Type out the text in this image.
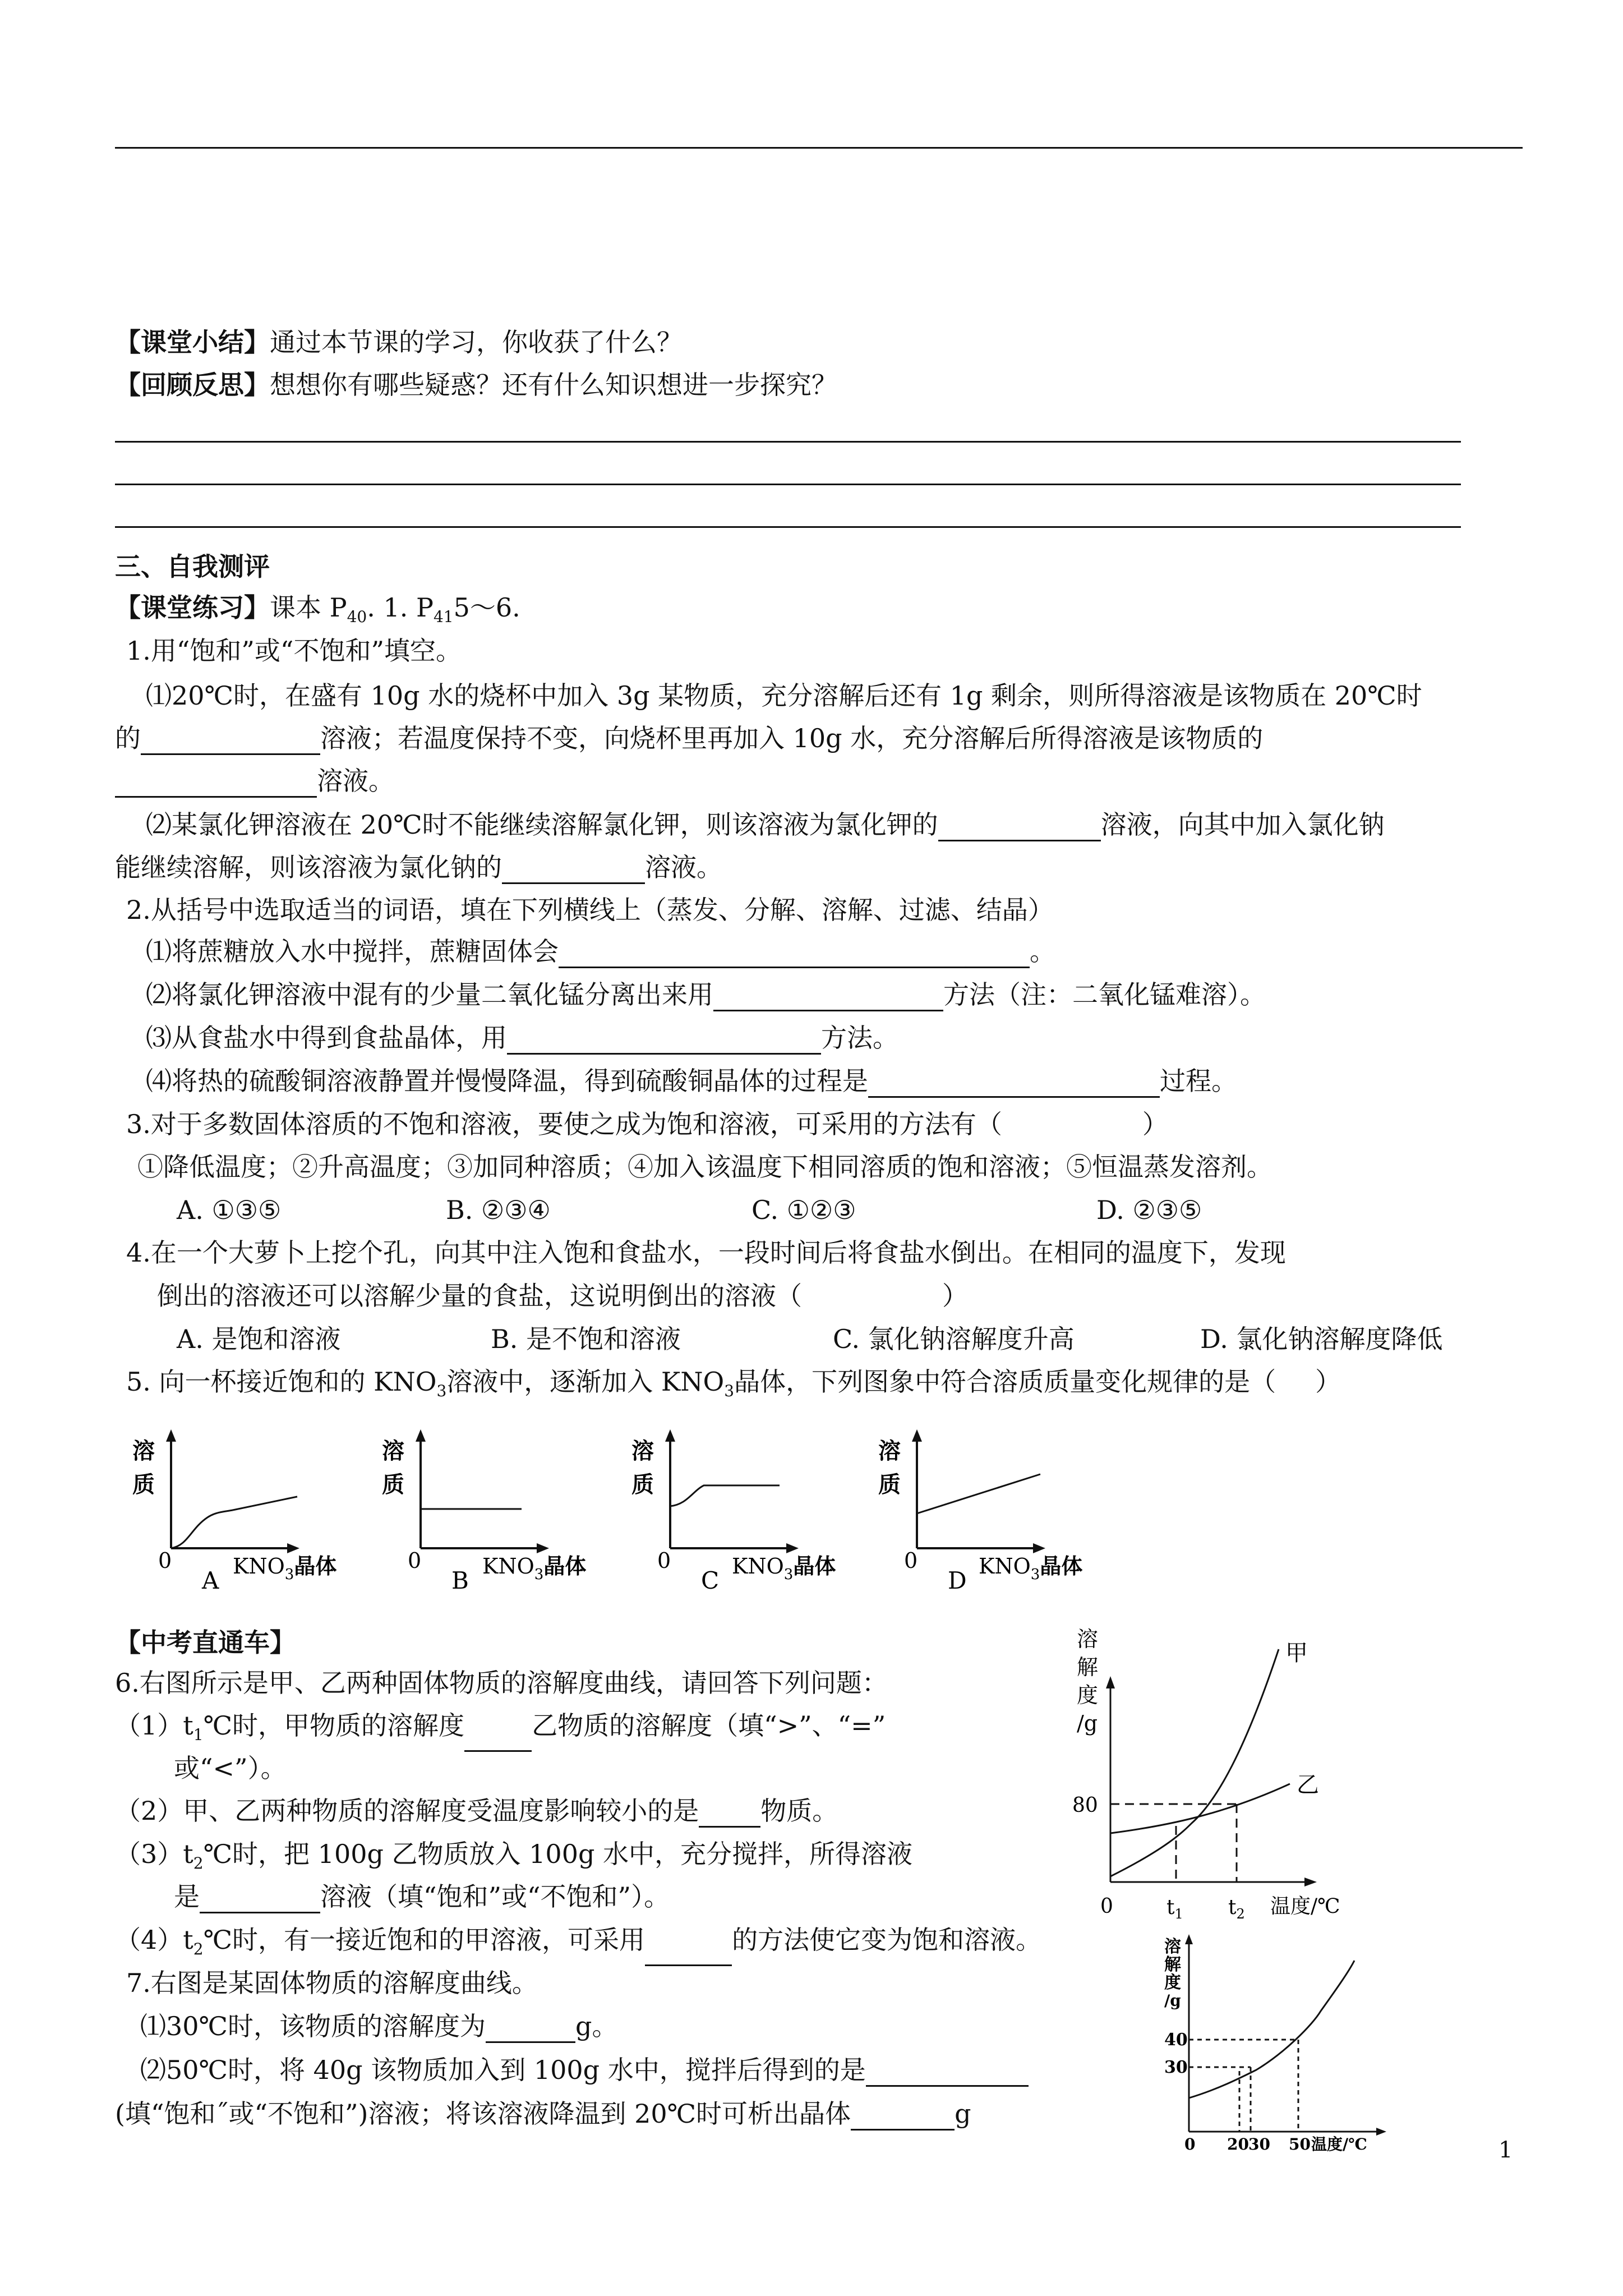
【课堂小结】通过本节课的学习，你收获了什么？
【回顾反思】想想你有哪些疑惑？还有什么知识想进一步探究？
三、自我测评
【课堂练习】课本 $P_{40}$. 1. $P_{41}5\sim 6$.
1.用“饱和”或“不饱和”填空。
⑴20℃时，在盛有 10g 水的烧杯中加入 3g 某物质，充分溶解后还有 1g 剩余，则所得溶液是该物质在 20℃时
的	溶液；若温度保持不变，向烧杯里再加入 10g 水，充分溶解后所得溶液是该物质的
溶液。
⑵某氯化钾溶液在 20℃时不能继续溶解氯化钾，则该溶液为氯化钾的	溶液，向其中加入氯化钠
能继续溶解，则该溶液为氯化钠的	溶液。
2.从括号中选取适当的词语，填在下列横线上（蒸发、分解、溶解、过滤、结晶）
⑴将蔗糖放入水中搅拌，蔗糖固体会	。
⑵将氯化钾溶液中混有的少量二氧化锰分离出来用	方法（注：二氧化锰难溶）。
⑶从食盐水中得到食盐晶体，用	方法。
⑷将热的硫酸铜溶液静置并慢慢降温，得到硫酸铜晶体的过程是	过程。
3.对于多数固体溶质的不饱和溶液，要使之成为饱和溶液，可采用的方法有（	）
①降低温度；②升高温度；③加同种溶质；④加入该温度下相同溶质的饱和溶液；⑤恒温蒸发溶剂。
A. ①③⑤	B. ②③④	C. ①②③	D. ②③⑤
4.在一个大萝卜上挖个孔，向其中注入饱和食盐水，一段时间后将食盐水倒出。在相同的温度下，发现
倒出的溶液还可以溶解少量的食盐，这说明倒出的溶液（	）
A. 是饱和溶液	B. 是不饱和溶液	C. 氯化钠溶解度升高	D. 氯化钠溶解度降低
5. 向一杯接近饱和的 $KNO_3$溶液中，逐渐加入 $KNO_3$晶体，下列图象中符合溶质质量变化规律的是（ ）
溶
质
0
A
$KNO_3$晶体
溶
质
0
B
$KNO_3$晶体
溶
质
0
C
$KNO_3$晶体
溶
质
0
D
$KNO_3$晶体
【中考直通车】
6.右图所示是甲、乙两种固体物质的溶解度曲线，请回答下列问题：
$(1)t_1℃$时，甲物质的溶解度	乙物质的溶解度（填“>”、“=”
或“<”）。
（2）甲、乙两种物质的溶解度受温度影响较小的是 物质。
$(3)t_2℃$时，把 100g 乙物质放入 100g 水中，充分搅拌，所得溶液
是	溶液（填“饱和”或“不饱和”）。
$(4)t_2℃$时，有一接近饱和的甲溶液，可采用	的方法使它变为饱和溶液。
溶
解
度
/g
80
0	$t_1$ $t_2$ 温度/℃
甲
乙
7.右图是某固体物质的溶解度曲线。
⑴30℃时，该物质的溶解度为	g。
⑵50℃时，将 40g 该物质加入到 100g 水中，搅拌后得到的是
(填“饱和˝或“不饱和”)溶液；将该溶液降温到 20℃时可析出晶体	g
溶
解
度
/g
40
30
0 20 30 50 温度/℃	1
